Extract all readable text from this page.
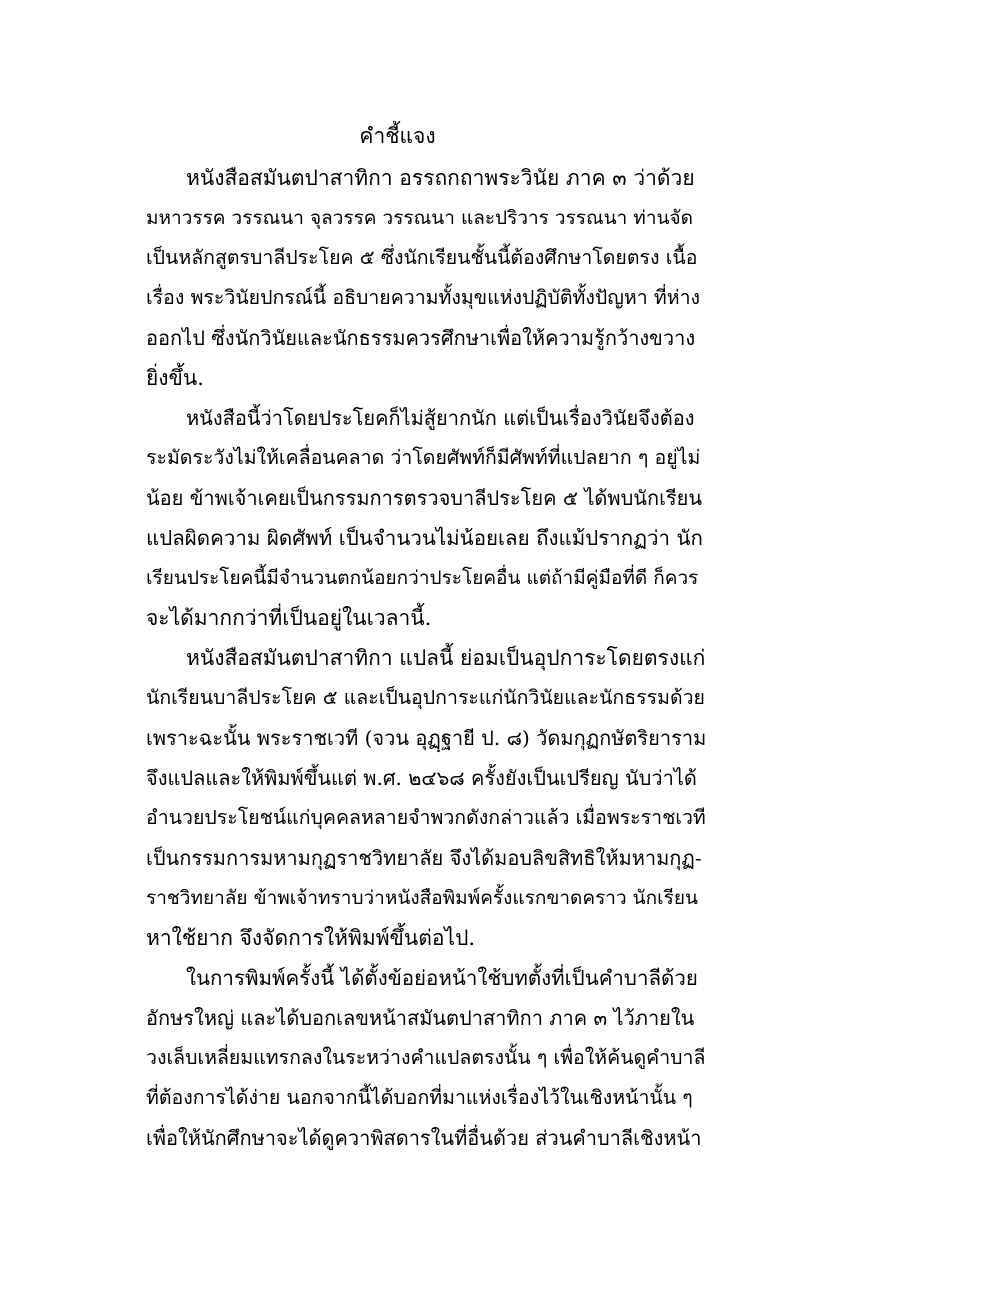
คำชี้แจง
หนังสือสมันตปาสาทิกา อรรถกถาพระวินัย ภาค ๓ ว่าด้วย
มหาวรรค วรรณนา จุลวรรค วรรณนา และปริวาร วรรณนา ท่านจัด
เป็นหลักสูตรบาลีประโยค ๕ ซึ่งนักเรียนชั้นนี้ต้องศึกษาโดยตรง เนื้อ
เรื่อง พระวินัยปกรณ์นี้ อธิบายความทั้งมุขแห่งปฏิบัติทั้งปัญหา ที่ห่าง
ออกไป ซึ่งนักวินัยและนักธรรมควรศึกษาเพื่อให้ความรู้กว้างขวาง
ยิ่งขึ้น.
หนังสือนี้ว่าโดยประโยคก็ไม่สู้ยากนัก แต่เป็นเรื่องวินัยจึงต้อง
ระมัดระวังไม่ให้เคลื่อนคลาด ว่าโดยศัพท์ก็มีศัพท์ที่แปลยาก ๆ อยู่ไม่
น้อย ข้าพเจ้าเคยเป็นกรรมการตรวจบาลีประโยค ๕ ได้พบนักเรียน
แปลผิดความ ผิดศัพท์ เป็นจำนวนไม่น้อยเลย ถึงแม้ปรากฏว่า นัก
เรียนประโยคนี้มีจำนวนตกน้อยกว่าประโยคอื่น แต่ถ้ามีคู่มือที่ดี ก็ควร
จะได้มากกว่าที่เป็นอยู่ในเวลานี้.
หนังสือสมันตปาสาทิกา แปลนี้ ย่อมเป็นอุปการะโดยตรงแก่
นักเรียนบาลีประโยค ๕ และเป็นอุปการะแก่นักวินัยและนักธรรมด้วย
เพราะฉะนั้น พระราชเวที (จวน อุฏฺฐายี ป. ๘) วัดมกุฏกษัตริยาราม
จึงแปลและให้พิมพ์ขึ้นแต่ พ.ศ. ๒๔๖๘ ครั้งยังเป็นเปรียญ นับว่าได้
อำนวยประโยชน์แก่บุคคลหลายจำพวกดังกล่าวแล้ว เมื่อพระราชเวที
เป็นกรรมการมหามกุฏราชวิทยาลัย จึงได้มอบลิขสิทธิให้มหามกุฏ-
ราชวิทยาลัย ข้าพเจ้าทราบว่าหนังสือพิมพ์ครั้งแรกขาดคราว นักเรียน
หาใช้ยาก จึงจัดการให้พิมพ์ขึ้นต่อไป.
ในการพิมพ์ครั้งนี้ ได้ตั้งข้อย่อหน้าใช้บทตั้งที่เป็นคำบาลีด้วย
อักษรใหญ่ และได้บอกเลขหน้าสมันตปาสาทิกา ภาค ๓ ไว้ภายใน
วงเล็บเหลี่ยมแทรกลงในระหว่างคำแปลตรงนั้น ๆ เพื่อให้ค้นดูคำบาลี
ที่ต้องการได้ง่าย นอกจากนี้ได้บอกที่มาแห่งเรื่องไว้ในเชิงหน้านั้น ๆ
เพื่อให้นักศึกษาจะได้ดูควาพิสดารในที่อื่นด้วย ส่วนคำบาลีเชิงหน้า
